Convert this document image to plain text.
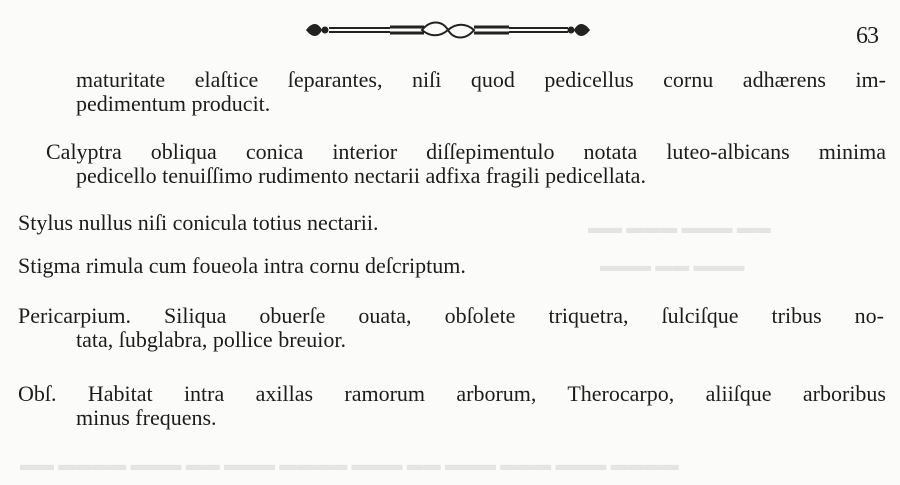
63
maturitate elaſtice ſeparantes, niſi quod pedicellus cornu adhærens im-
pedimentum producit.
Calyptra obliqua conica interior diſſepimentulo notata luteo-albicans minima
pedicello tenuiſſimo rudimento nectarii adfixa fragili pedicellata.
Stylus nullus niſi conicula totius nectarii.
Stigma rimula cum foueola intra cornu deſcriptum.
Pericarpium. Siliqua obuerſe ouata, obſolete triquetra, ſulciſque tribus no-
tata, ſubglabra, pollice breuior.
Obſ. Habitat intra axillas ramorum arborum, Therocarpo, aliiſque arboribus
minus frequens.
▬▬ ▬▬▬ ▬▬▬ ▬▬
▬▬▬ ▬▬ ▬▬▬
▬▬ ▬▬▬▬ ▬▬▬ ▬▬ ▬▬▬ ▬▬▬▬ ▬▬▬ ▬▬ ▬▬▬ ▬▬▬ ▬▬▬ ▬▬▬▬
